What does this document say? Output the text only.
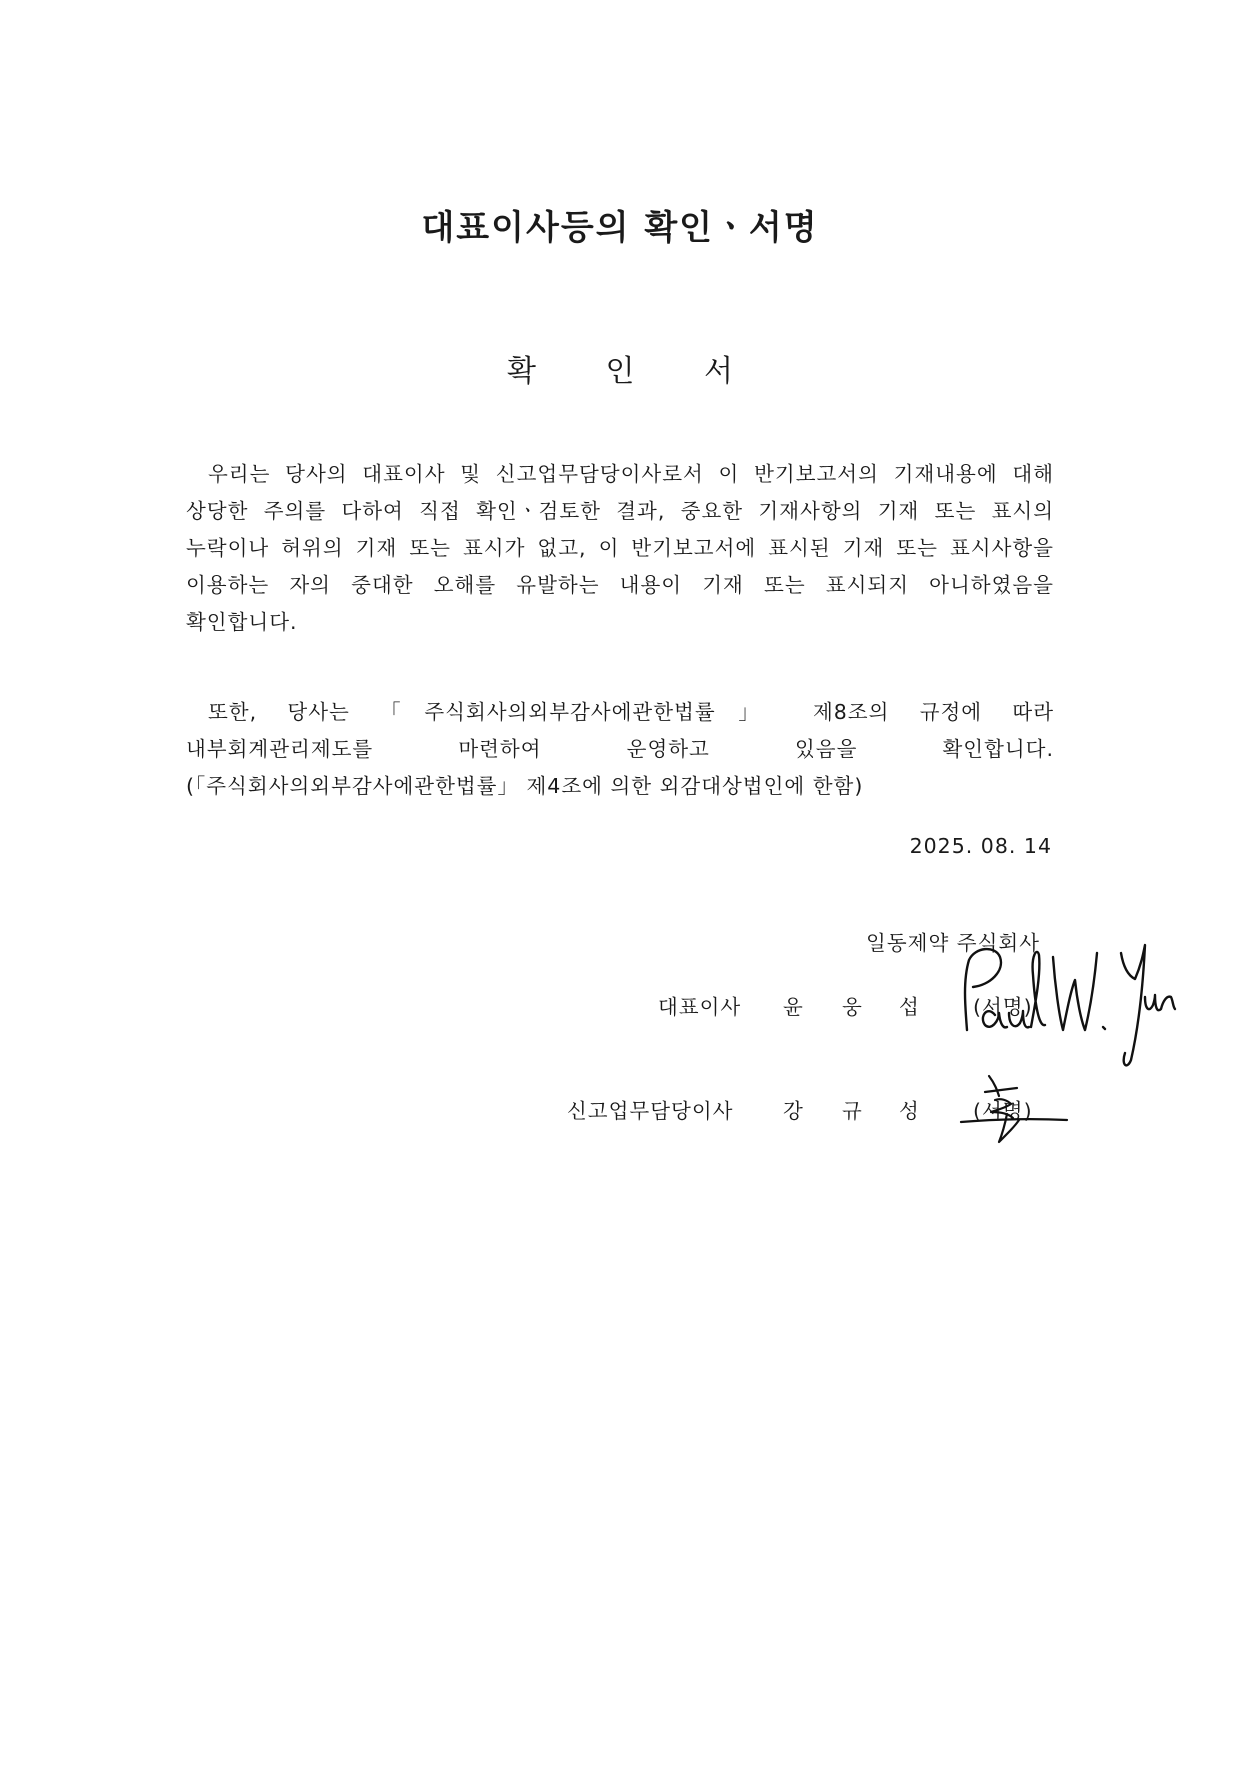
대표이사등의 확인ㆍ서명
확 인 서
우리는 당사의 대표이사 및 신고업무담당이사로서 이 반기보고서의 기재내용에 대해 상당한 주의를 다하여 직접 확인ㆍ검토한 결과, 중요한 기재사항의 기재 또는 표시의 누락이나 허위의 기재 또는 표시가 없고, 이 반기보고서에 표시된 기재 또는 표시사항을 이용하는 자의 중대한 오해를 유발하는 내용이 기재 또는 표시되지 아니하였음을 확인합니다.
또한, 당사는 「주식회사의외부감사에관한법률」 제8조의 규정에 따라 내부회계관리제도를 마련하여 운영하고 있음을 확인합니다. (「주식회사의외부감사에관한법률」 제4조에 의한 외감대상법인에 한함)
2025. 08. 14
일동제약 주식회사
대표이사 윤 웅 섭	(서명)
신고업무담당이사 강 규 성	(서명)
